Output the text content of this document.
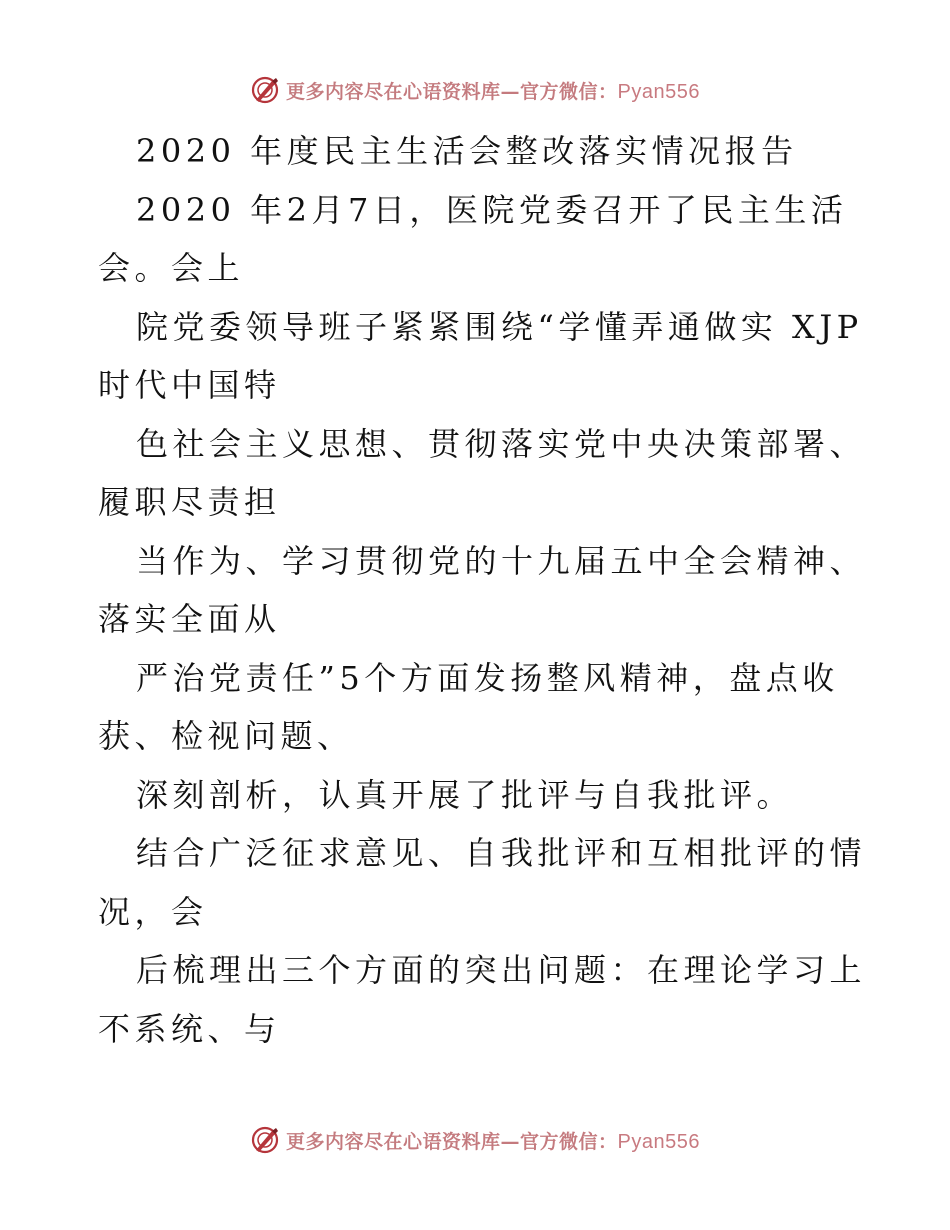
更多内容尽在心语资料库—官方微信：Pyan556

2020 年度民主生活会整改落实情况报告

2020 年2月7日，医院党委召开了民主生活会。会上

院党委领导班子紧紧围绕“学懂弄通做实 XJP 时代中国特

色社会主义思想、贯彻落实党中央决策部署、履职尽责担

当作为、学习贯彻党的十九届五中全会精神、落实全面从

严治党责任”5个方面发扬整风精神，盘点收获、检视问题、

深刻剖析，认真开展了批评与自我批评。

结合广泛征求意见、自我批评和互相批评的情况，会

后梳理出三个方面的突出问题：在理论学习上不系统、与

更多内容尽在心语资料库—官方微信：Pyan556
